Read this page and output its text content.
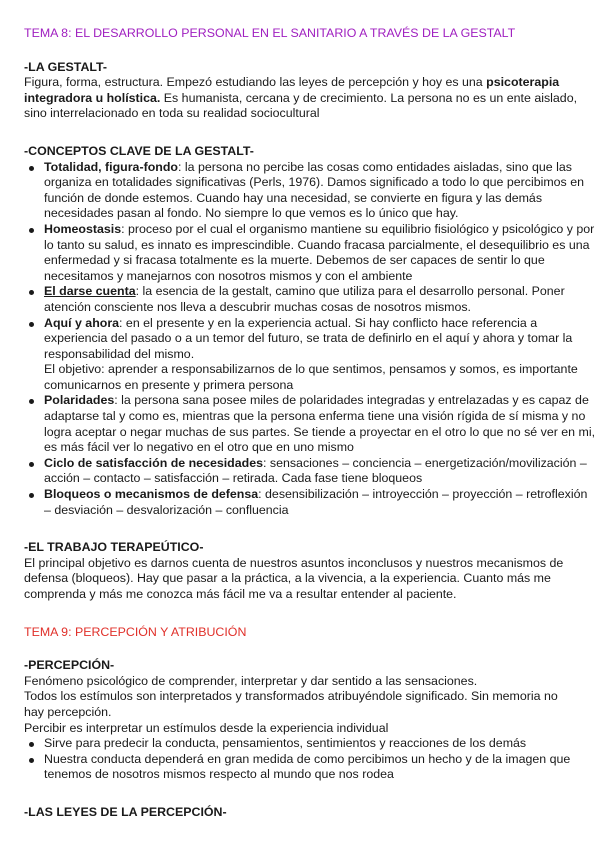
TEMA 8: EL DESARROLLO PERSONAL EN EL SANITARIO A TRAVÉS DE LA GESTALT

-LA GESTALT-

Figura, forma, estructura. Empezó estudiando las leyes de percepción y hoy es una psicoterapia integradora u holística. Es humanista, cercana y de crecimiento. La persona no es un ente aislado, sino interrelacionado en toda su realidad sociocultural

-CONCEPTOS CLAVE DE LA GESTALT-

Totalidad, figura-fondo: la persona no percibe las cosas como entidades aisladas, sino que las organiza en totalidades significativas (Perls, 1976). Damos significado a todo lo que percibimos en función de donde estemos. Cuando hay una necesidad, se convierte en figura y las demás necesidades pasan al fondo. No siempre lo que vemos es lo único que hay.
Homeostasis: proceso por el cual el organismo mantiene su equilibrio fisiológico y psicológico y por lo tanto su salud, es innato es imprescindible. Cuando fracasa parcialmente, el desequilibrio es una enfermedad y si fracasa totalmente es la muerte. Debemos de ser capaces de sentir lo que necesitamos y manejarnos con nosotros mismos y con el ambiente
El darse cuenta: la esencia de la gestalt, camino que utiliza para el desarrollo personal. Poner atención consciente nos lleva a descubrir muchas cosas de nosotros mismos.
Aquí y ahora: en el presente y en la experiencia actual. Si hay conflicto hace referencia a experiencia del pasado o a un temor del futuro, se trata de definirlo en el aquí y ahora y tomar la responsabilidad del mismo.
El objetivo: aprender a responsabilizarnos de lo que sentimos, pensamos y somos, es importante comunicarnos en presente y primera persona
Polaridades: la persona sana posee miles de polaridades integradas y entrelazadas y es capaz de adaptarse tal y como es, mientras que la persona enferma tiene una visión rígida de sí misma y no logra aceptar o negar muchas de sus partes. Se tiende a proyectar en el otro lo que no sé ver en mi, es más fácil ver lo negativo en el otro que en uno mismo
Ciclo de satisfacción de necesidades: sensaciones – conciencia – energetización/movilización – acción – contacto – satisfacción – retirada. Cada fase tiene bloqueos
Bloqueos o mecanismos de defensa: desensibilización – introyección – proyección – retroflexión – desviación – desvalorización – confluencia

-EL TRABAJO TERAPEÚTICO-

El principal objetivo es darnos cuenta de nuestros asuntos inconclusos y nuestros mecanismos de defensa (bloqueos). Hay que pasar a la práctica, a la vivencia, a la experiencia. Cuanto más me comprenda y más me conozca más fácil me va a resultar entender al paciente.

TEMA 9: PERCEPCIÓN Y ATRIBUCIÓN

-PERCEPCIÓN-

Fenómeno psicológico de comprender, interpretar y dar sentido a las sensaciones.

Todos los estímulos son interpretados y transformados atribuyéndole significado. Sin memoria no hay percepción.

Percibir es interpretar un estímulos desde la experiencia individual

Sirve para predecir la conducta, pensamientos, sentimientos y reacciones de los demás
Nuestra conducta dependerá en gran medida de como percibimos un hecho y de la imagen que tenemos de nosotros mismos respecto al mundo que nos rodea

-LAS LEYES DE LA PERCEPCIÓN-
